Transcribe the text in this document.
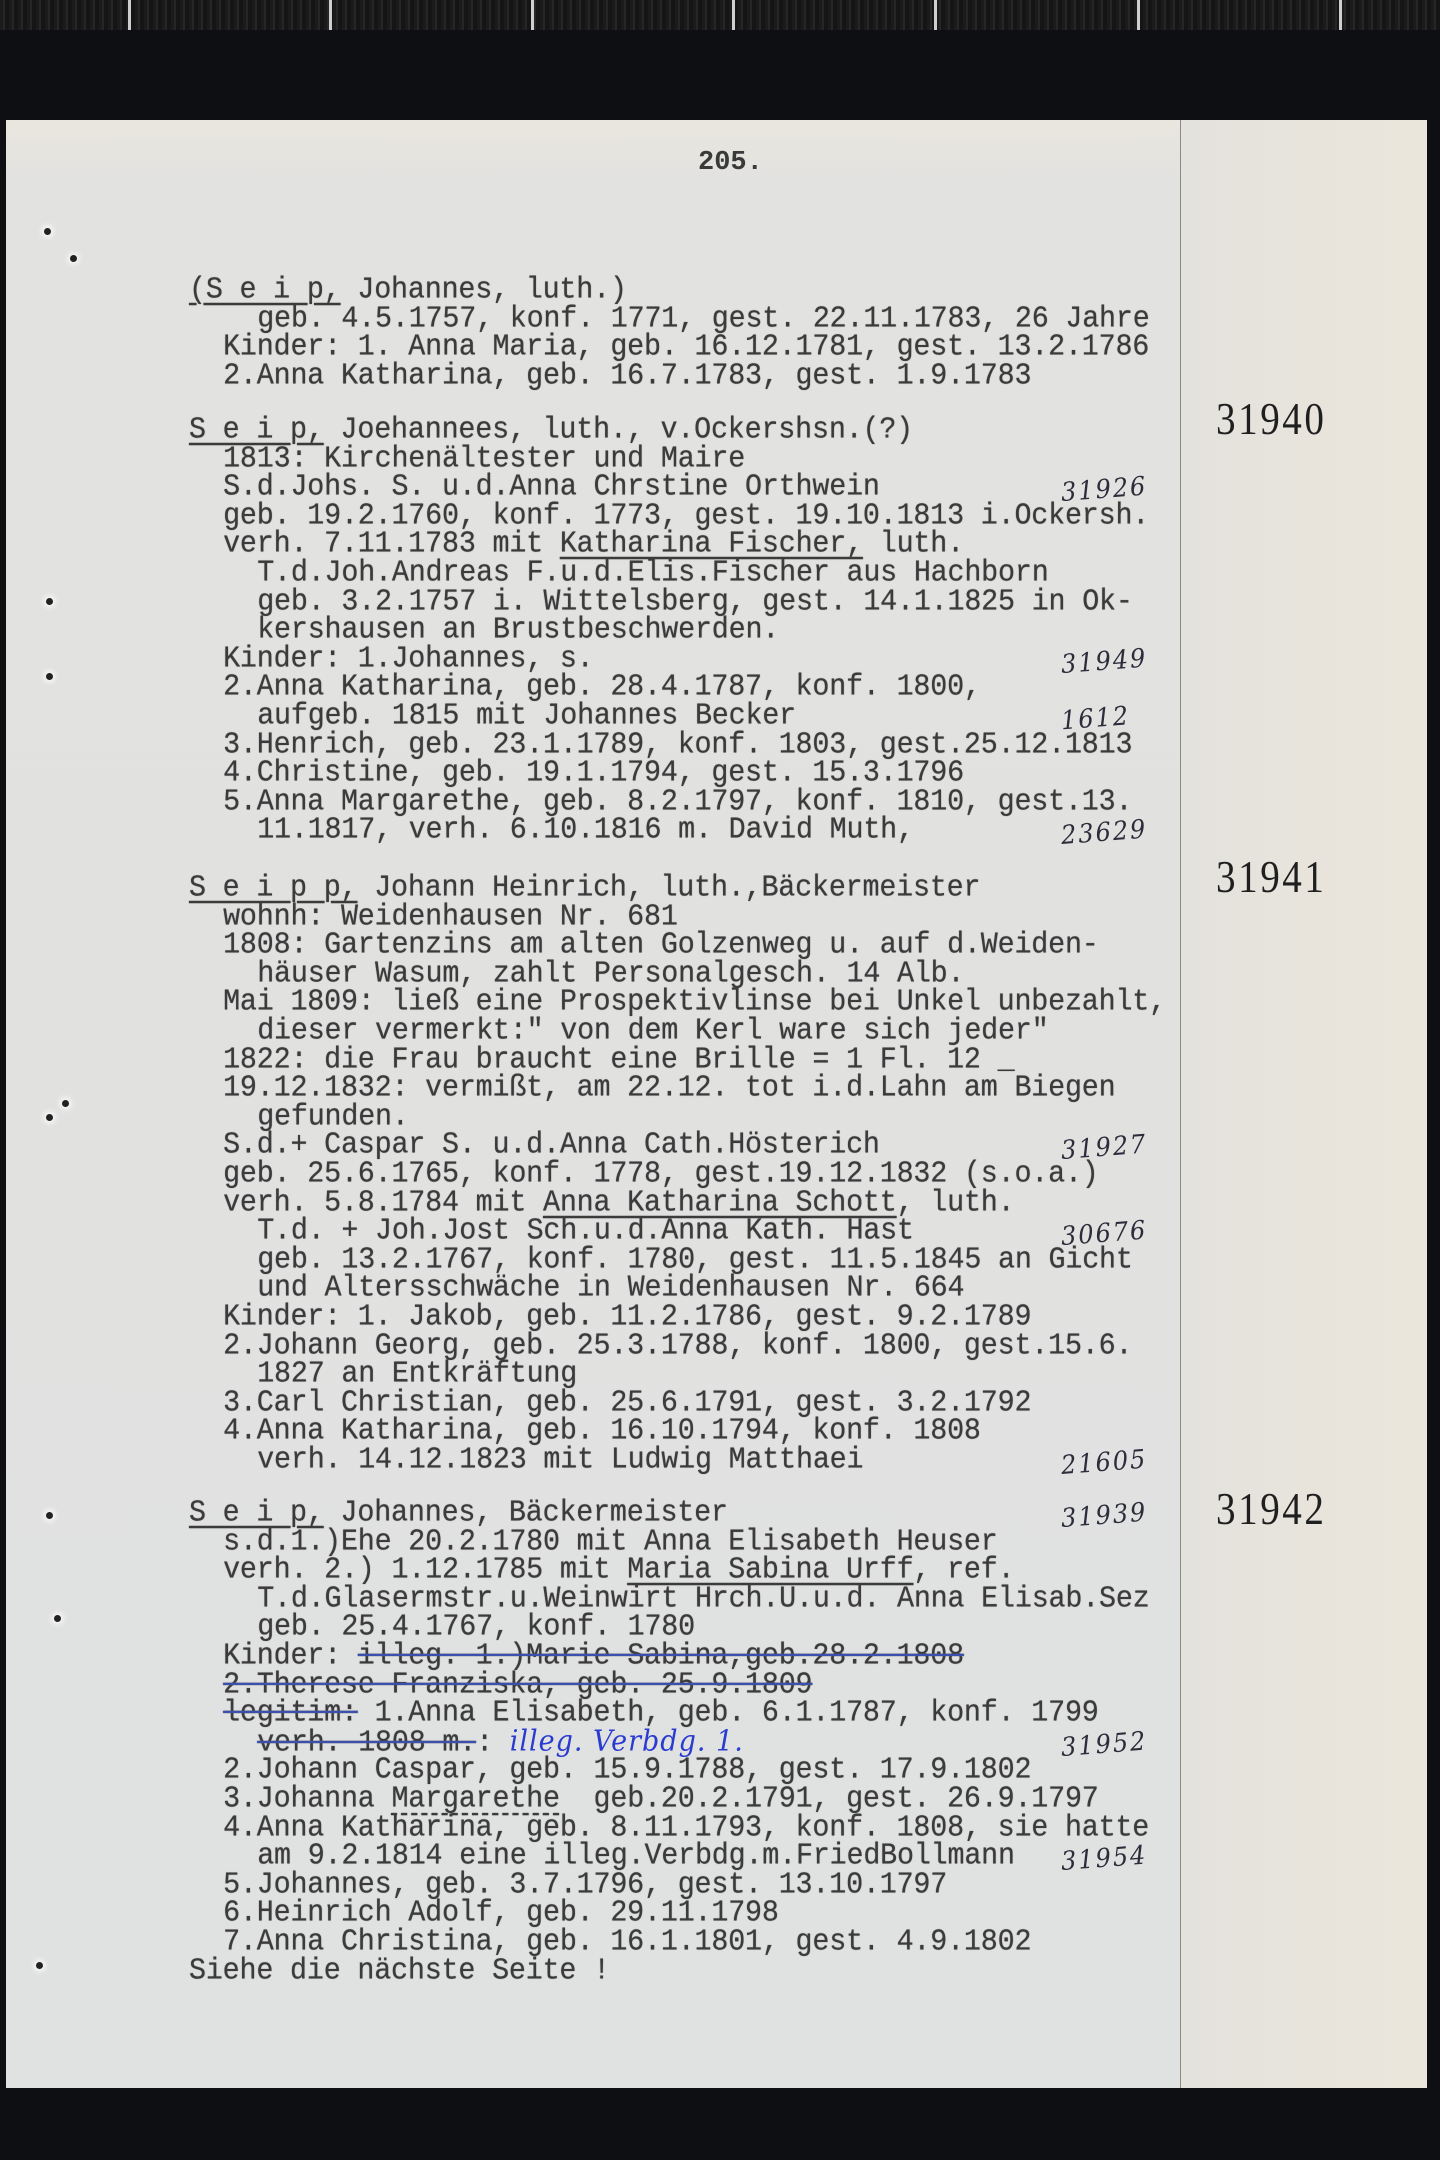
205.
(S e i p, Johannes, luth.)
geb. 4.5.1757, konf. 1771, gest. 22.11.1783, 26 Jahre
Kinder: 1. Anna Maria, geb. 16.12.1781, gest. 13.2.1786
2.Anna Katharina, geb. 16.7.1783, gest. 1.9.1783
S e i p, Joehannees, luth., v.Ockershsn.(?)
1813: Kirchenältester und Maire
S.d.Johs. S. u.d.Anna Chrstine Orthwein	31926
geb. 19.2.1760, konf. 1773, gest. 19.10.1813 i.Ockersh.
verh. 7.11.1783 mit Katharina Fischer, luth.
T.d.Joh.Andreas F.u.d.Elis.Fischer aus Hachborn
geb. 3.2.1757 i. Wittelsberg, gest. 14.1.1825 in Ok-
kershausen an Brustbeschwerden.
Kinder: 1.Johannes, s.	31949
2.Anna Katharina, geb. 28.4.1787, konf. 1800,
aufgeb. 1815 mit Johannes Becker	1612
3.Henrich, geb. 23.1.1789, konf. 1803, gest.25.12.1813
4.Christine, geb. 19.1.1794, gest. 15.3.1796
5.Anna Margarethe, geb. 8.2.1797, konf. 1810, gest.13.
11.1817, verh. 6.10.1816 m. David Muth,	23629
S e i p p, Johann Heinrich, luth.,Bäckermeister
wohnh: Weidenhausen Nr. 681
1808: Gartenzins am alten Golzenweg u. auf d.Weiden-
häuser Wasum, zahlt Personalgesch. 14 Alb.
Mai 1809: ließ eine Prospektivlinse bei Unkel unbezahlt,
dieser vermerkt:" von dem Kerl ware sich jeder"
1822: die Frau braucht eine Brille = 1 Fl. 12 _
19.12.1832: vermißt, am 22.12. tot i.d.Lahn am Biegen
gefunden.
S.d.+ Caspar S. u.d.Anna Cath.Hösterich	31927
geb. 25.6.1765, konf. 1778, gest.19.12.1832 (s.o.a.)
verh. 5.8.1784 mit Anna Katharina Schott, luth.
T.d. + Joh.Jost Sch.u.d.Anna Kath. Hast	30676
geb. 13.2.1767, konf. 1780, gest. 11.5.1845 an Gicht
und Altersschwäche in Weidenhausen Nr. 664
Kinder: 1. Jakob, geb. 11.2.1786, gest. 9.2.1789
2.Johann Georg, geb. 25.3.1788, konf. 1800, gest.15.6.
1827 an Entkräftung
3.Carl Christian, geb. 25.6.1791, gest. 3.2.1792
4.Anna Katharina, geb. 16.10.1794, konf. 1808
verh. 14.12.1823 mit Ludwig Matthaei	21605
S e i p, Johannes, Bäckermeister	31939
s.d.1.)Ehe 20.2.1780 mit Anna Elisabeth Heuser
verh. 2.) 1.12.1785 mit Maria Sabina Urff, ref.
T.d.Glasermstr.u.Weinwirt Hrch.U.u.d. Anna Elisab.Sez
geb. 25.4.1767, konf. 1780
Kinder: illeg. 1.)Marie Sabina,geb.28.2.1808
2.Therese Franziska, geb. 25.9.1809
legitim: 1.Anna Elisabeth, geb. 6.1.1787, konf. 1799
verh. 1808 m.: illeg. Verbdg. 1.	31952
2.Johann Caspar, geb. 15.9.1788, gest. 17.9.1802
3.Johanna Margarethe  geb.20.2.1791, gest. 26.9.1797
4.Anna Katharina, geb. 8.11.1793, konf. 1808, sie hatte
am 9.2.1814 eine illeg.Verbdg.m.FriedBollmann 31954
5.Johannes, geb. 3.7.1796, gest. 13.10.1797
6.Heinrich Adolf, geb. 29.11.1798
7.Anna Christina, geb. 16.1.1801, gest. 4.9.1802
Siehe die nächste Seite !
31940
31941
31942
